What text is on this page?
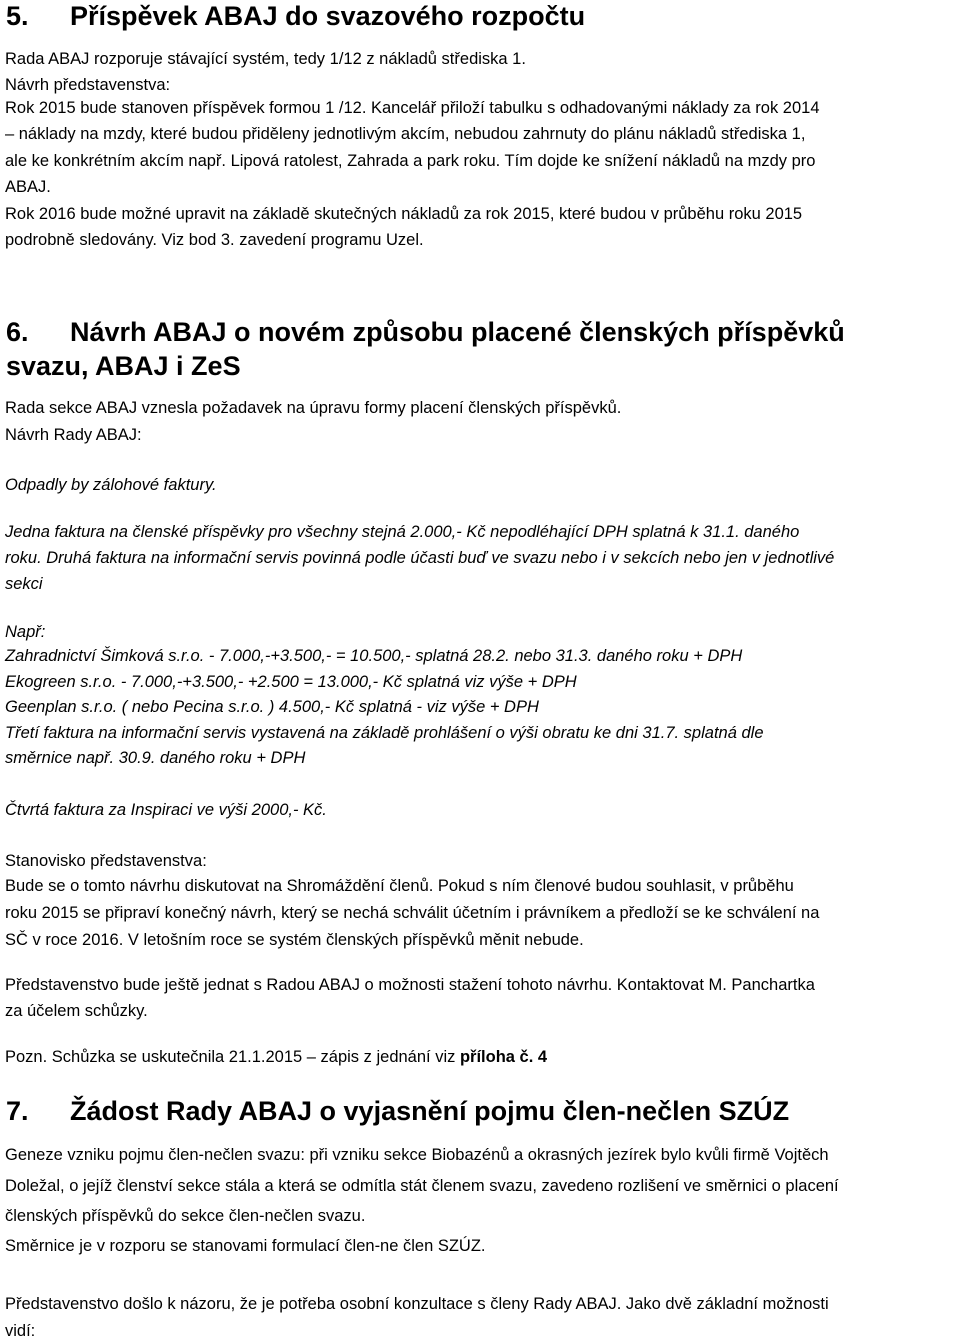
5. Příspěvek ABAJ do svazového rozpočtu

Rada ABAJ rozporuje stávající systém, tedy 1/12 z nákladů střediska 1.

Návrh představenstva:

Rok 2015 bude stanoven příspěvek formou 1 /12. Kancelář přiloží tabulku s odhadovanými náklady za rok 2014

– náklady na mzdy, které budou přiděleny jednotlivým akcím, nebudou zahrnuty do plánu nákladů střediska 1,

ale ke konkrétním akcím např. Lipová ratolest, Zahrada a park roku. Tím dojde ke snížení nákladů na mzdy pro

ABAJ.

Rok 2016 bude možné upravit na základě skutečných nákladů za rok 2015, které budou v průběhu roku 2015

podrobně sledovány. Viz bod 3. zavedení programu Uzel.

6. Návrh ABAJ o novém způsobu placené členských příspěvků
svazu, ABAJ i ZeS

Rada sekce ABAJ vznesla požadavek na úpravu formy placení členských příspěvků.

Návrh Rady ABAJ:

Odpadly by zálohové faktury.

Jedna faktura na členské příspěvky pro všechny stejná 2.000,- Kč nepodléhající DPH splatná k 31.1. daného

roku. Druhá faktura na informační servis povinná podle účasti buď ve svazu nebo i v sekcích nebo jen v jednotlivé

sekci

Např:

Zahradnictví Šimková s.r.o. - 7.000,-+3.500,- = 10.500,- splatná 28.2. nebo 31.3. daného roku + DPH

Ekogreen s.r.o. - 7.000,-+3.500,- +2.500 = 13.000,- Kč splatná viz výše + DPH

Geenplan s.r.o. ( nebo Pecina s.r.o. ) 4.500,- Kč splatná - viz výše + DPH

Třetí faktura na informační servis vystavená na základě prohlášení o výši obratu ke dni 31.7. splatná dle

směrnice např. 30.9. daného roku + DPH

Čtvrtá faktura za Inspiraci ve výši 2000,- Kč.

Stanovisko představenstva:

Bude se o tomto návrhu diskutovat na Shromáždění členů. Pokud s ním členové budou souhlasit, v průběhu

roku 2015 se připraví konečný návrh, který se nechá schválit účetním i právníkem a předloží se ke schválení na

SČ v roce 2016. V letošním roce se systém členských příspěvků měnit nebude.

Představenstvo bude ještě jednat s Radou ABAJ o možnosti stažení tohoto návrhu. Kontaktovat M. Panchartka

za účelem schůzky.

Pozn. Schůzka se uskutečnila 21.1.2015 – zápis z jednání viz příloha č. 4

7. Žádost Rady ABAJ o vyjasnění pojmu člen-nečlen SZÚZ

Geneze vzniku pojmu člen-nečlen svazu: při vzniku sekce Biobazénů a okrasných jezírek bylo kvůli firmě Vojtěch

Doležal, o jejíž členství sekce stála a která se odmítla stát členem svazu, zavedeno rozlišení ve směrnici o placení

členských příspěvků do sekce člen-nečlen svazu.

Směrnice je v rozporu se stanovami formulací člen-ne člen SZÚZ.

Představenstvo došlo k názoru, že je potřeba osobní konzultace s členy Rady ABAJ. Jako dvě základní možnosti

vidí:
